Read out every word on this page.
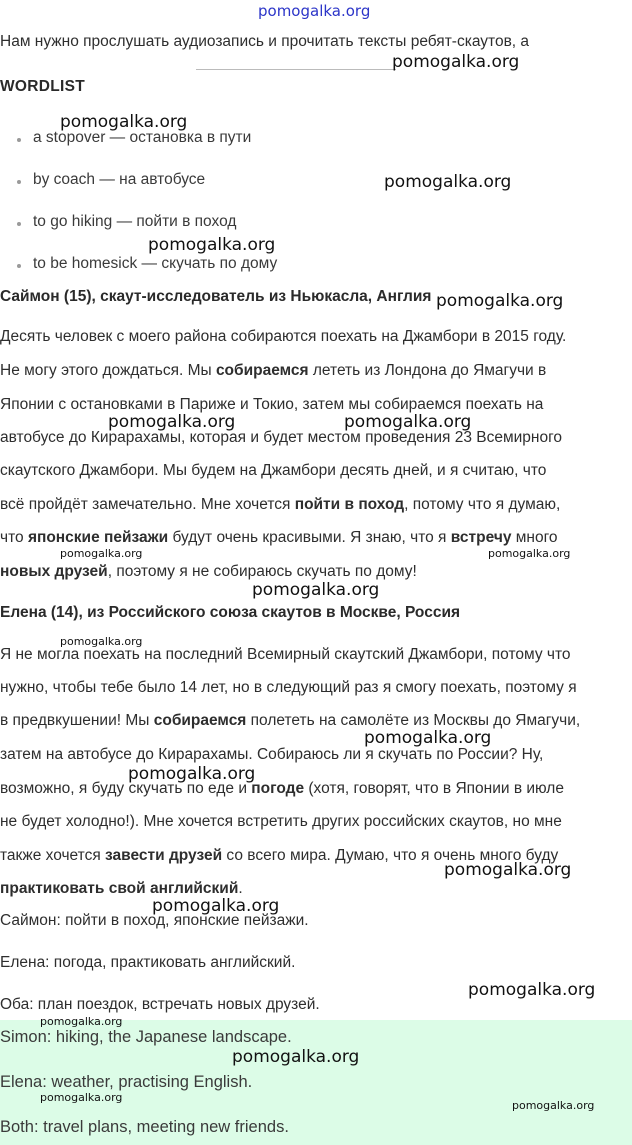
pomogalka.org
Нам нужно прослушать аудиозапись и прочитать тексты ребят-скаутов, а
WORDLIST
a stopover — остановка в пути
by coach — на автобусе
to go hiking — пойти в поход
to be homesick — скучать по дому
Саймон (15), скаут-исследователь из Ньюкасла, Англия
Десять человек с моего района собираются поехать на Джамбори в 2015 году.
Не могу этого дождаться. Мы собираемся лететь из Лондона до Ямагучи в
Японии с остановками в Париже и Токио, затем мы собираемся поехать на
автобусе до Кирарахамы, которая и будет местом проведения 23 Всемирного
скаутского Джамбори. Мы будем на Джамбори десять дней, и я считаю, что
всё пройдёт замечательно. Мне хочется пойти в поход, потому что я думаю,
что японские пейзажи будут очень красивыми. Я знаю, что я встречу много
новых друзей, поэтому я не собираюсь скучать по дому!
Елена (14), из Российского союза скаутов в Москве, Россия
Я не могла поехать на последний Всемирный скаутский Джамбори, потому что
нужно, чтобы тебе было 14 лет, но в следующий раз я смогу поехать, поэтому я
в предвкушении! Мы собираемся полететь на самолёте из Москвы до Ямагучи,
затем на автобусе до Кирарахамы. Собираюсь ли я скучать по России? Ну,
возможно, я буду скучать по еде и погоде (хотя, говорят, что в Японии в июле
не будет холодно!). Мне хочется встретить других российских скаутов, но мне
также хочется завести друзей со всего мира. Думаю, что я очень много буду
практиковать свой английский.
Саймон: пойти в поход, японские пейзажи.
Елена: погода, практиковать английский.
Оба: план поездок, встречать новых друзей.
Simon: hiking, the Japanese landscape.
Elena: weather, practising English.
Both: travel plans, meeting new friends.
pomogalka.org
pomogalka.org
pomogalka.org
pomogalka.org
pomogalka.org
pomogalka.org	pomogalka.org
pomogalka.org	pomogalka.org
pomogalka.org
pomogalka.org
pomogalka.org
pomogalka.org
pomogalka.org
pomogalka.org
pomogalka.org
pomogalka.org
pomogalka.org
pomogalka.org
pomogalka.org
